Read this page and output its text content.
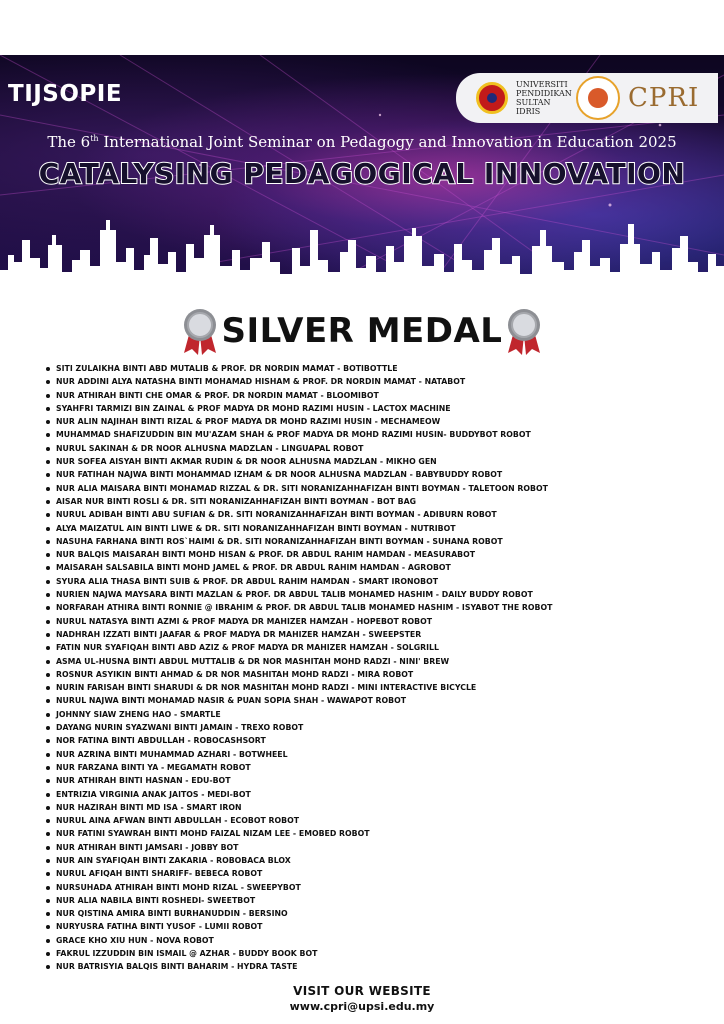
TIJSOPIE	UNIVERSITI
PENDIDIKAN
SULTAN IDRIS	CPRI
The 6th International Joint Seminar on Pedagogy and Innovation in Education 2025
CATALYSING PEDAGOGICAL INNOVATION
SILVER MEDAL
SITI ZULAIKHA BINTI ABD MUTALIB & PROF. DR NORDIN MAMAT - BOTIBOTTLE
NUR ADDINI ALYA NATASHA BINTI MOHAMAD HISHAM & PROF. DR NORDIN MAMAT - NATABOT
NUR ATHIRAH BINTI CHE OMAR & PROF. DR NORDIN MAMAT - BLOOMIBOT
SYAHFRI TARMIZI BIN ZAINAL & PROF MADYA DR MOHD RAZIMI HUSIN - LACTOX MACHINE
NUR ALIN NAJIHAH BINTI RIZAL & PROF MADYA DR MOHD RAZIMI HUSIN - MECHAMEOW
MUHAMMAD SHAFIZUDDIN BIN MU'AZAM SHAH & PROF MADYA DR MOHD RAZIMI HUSIN- BUDDYBOT ROBOT
NURUL SAKINAH & DR NOOR ALHUSNA MADZLAN - LINGUAPAL ROBOT
NUR SOFEA AISYAH BINTI AKMAR RUDIN & DR NOOR ALHUSNA MADZLAN - MIKHO GEN
NUR FATIHAH NAJWA BINTI MOHAMMAD IZHAM & DR NOOR ALHUSNA MADZLAN - BABYBUDDY ROBOT
NUR ALIA MAISARA BINTI MOHAMAD RIZZAL & DR. SITI NORANIZAHHAFIZAH BINTI BOYMAN - TALETOON ROBOT
AISAR NUR BINTI ROSLI & DR. SITI NORANIZAHHAFIZAH BINTI BOYMAN - BOT BAG
NURUL ADIBAH BINTI ABU SUFIAN & DR. SITI NORANIZAHHAFIZAH BINTI BOYMAN - ADIBURN ROBOT
ALYA MAIZATUL AIN BINTI LIWE & DR. SITI NORANIZAHHAFIZAH BINTI BOYMAN - NUTRIBOT
NASUHA FARHANA BINTI ROS`HAIMI & DR. SITI NORANIZAHHAFIZAH BINTI BOYMAN - SUHANA ROBOT
NUR BALQIS MAISARAH BINTI MOHD HISAN & PROF. DR ABDUL RAHIM HAMDAN - MEASURABOT
MAISARAH SALSABILA BINTI MOHD JAMEL & PROF. DR ABDUL RAHIM HAMDAN - AGROBOT
SYURA ALIA THASA BINTI SUIB & PROF. DR ABDUL RAHIM HAMDAN - SMART IRONOBOT
NURIEN NAJWA MAYSARA BINTI MAZLAN & PROF. DR ABDUL TALIB MOHAMED HASHIM - DAILY BUDDY ROBOT
NORFARAH ATHIRA BINTI RONNIE @ IBRAHIM & PROF. DR ABDUL TALIB MOHAMED HASHIM - ISYABOT THE ROBOT
NURUL NATASYA BINTI AZMI & PROF MADYA DR MAHIZER HAMZAH - HOPEBOT ROBOT
NADHRAH IZZATI BINTI JAAFAR & PROF MADYA DR MAHIZER HAMZAH - SWEEPSTER
FATIN NUR SYAFIQAH BINTI ABD AZIZ & PROF MADYA DR MAHIZER HAMZAH - SOLGRILL
ASMA UL-HUSNA BINTI ABDUL MUTTALIB & DR NOR MASHITAH MOHD RADZI - NINI' BREW
ROSNUR ASYIKIN BINTI AHMAD & DR NOR MASHITAH MOHD RADZI - MIRA ROBOT
NURIN FARISAH BINTI SHARUDI & DR NOR MASHITAH MOHD RADZI - MINI INTERACTIVE BICYCLE
NURUL NAJWA BINTI MOHAMAD NASIR & PUAN SOPIA SHAH - WAWAPOT ROBOT
JOHNNY SIAW ZHENG HAO - SMARTLE
DAYANG NURIN SYAZWANI BINTI JAMAIN - TREXO ROBOT
NOR FATINA BINTI ABDULLAH - ROBOCASHSORT
NUR AZRINA BINTI MUHAMMAD AZHARI - BOTWHEEL
NUR FARZANA BINTI YA - MEGAMATH ROBOT
NUR ATHIRAH BINTI HASNAN - EDU-BOT
ENTRIZIA VIRGINIA ANAK JAITOS - MEDI-BOT
NUR HAZIRAH BINTI MD ISA - SMART IRON
NURUL AINA AFWAN BINTI ABDULLAH - ECOBOT ROBOT
NUR FATINI SYAWRAH BINTI MOHD FAIZAL NIZAM LEE - EMOBED ROBOT
NUR ATHIRAH BINTI JAMSARI - JOBBY BOT
NUR AIN SYAFIQAH BINTI ZAKARIA - ROBOBACA BLOX
NURUL AFIQAH BINTI SHARIFF- BEBECA ROBOT
NURSUHADA ATHIRAH BINTI MOHD RIZAL - SWEEPYBOT
NUR ALIA NABILA BINTI ROSHEDI- SWEETBOT
NUR QISTINA AMIRA BINTI BURHANUDDIN - BERSINO
NURYUSRA FATIHA BINTI YUSOF - LUMII ROBOT
GRACE KHO XIU HUN - NOVA ROBOT
FAKRUL IZZUDDIN BIN ISMAIL @ AZHAR - BUDDY BOOK BOT
NUR BATRISYIA BALQIS BINTI BAHARIM - HYDRA TASTE
VISIT OUR WEBSITE
www.cpri@upsi.edu.my
